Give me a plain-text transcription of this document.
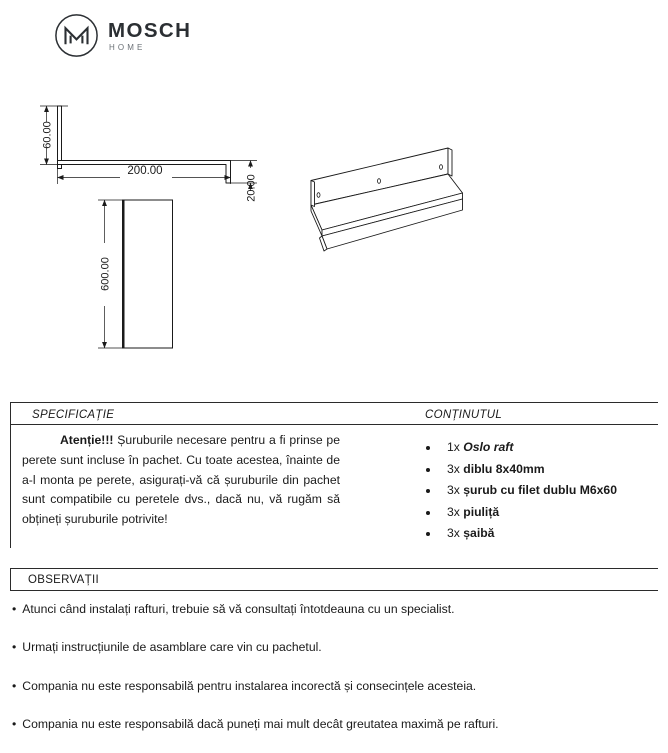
MOSCH
HOME
60.00
200.00
20.00
600.00
SPECIFICAȚIE	CONȚINUTUL
Atenție!!! Șuruburile necesare pentru a fi prinse pe perete sunt incluse în pachet. Cu toate acestea, înainte de a-l monta pe perete, asigurați-vă că șuruburile din pachet sunt compatibile cu peretele dvs., dacă nu, vă rugăm să obțineți șuruburile potrivite!
• 1x Oslo raft
• 3x diblu 8x40mm
• 3x șurub cu filet dublu M6x60
• 3x piuliță
• 3x șaibă
OBSERVAȚII
• Atunci când instalați rafturi, trebuie să vă consultați întotdeauna cu un specialist.
• Urmați instrucțiunile de asamblare care vin cu pachetul.
• Compania nu este responsabilă pentru instalarea incorectă și consecințele acesteia.
• Compania nu este responsabilă dacă puneți mai mult decât greutatea maximă pe rafturi.
